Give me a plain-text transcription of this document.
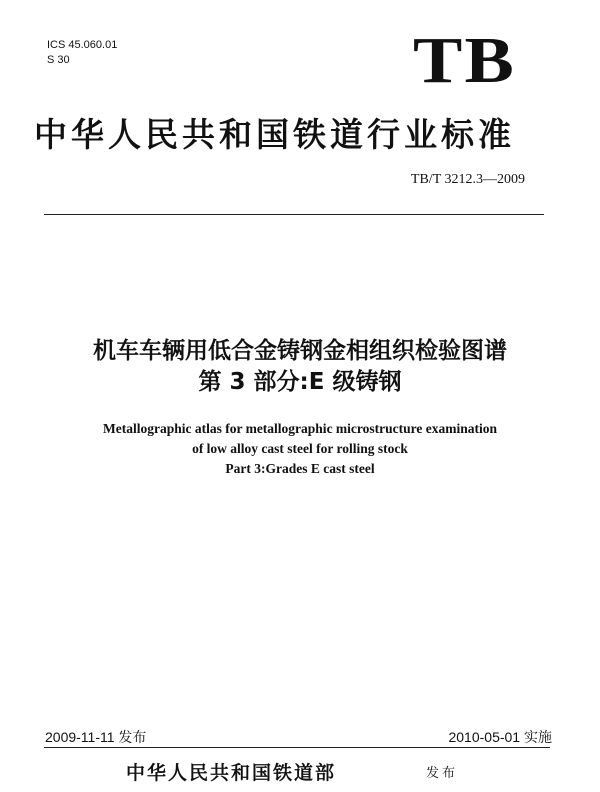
ICS 45.060.01
S 30	TB
中华人民共和国铁道行业标准
TB/T 3212.3—2009
机车车辆用低合金铸钢金相组织检验图谱
第 3 部分:E 级铸钢
Metallographic atlas for metallographic microstructure examination
of low alloy cast steel for rolling stock
Part 3:Grades E cast steel
2009-11-11 发布	2010-05-01 实施
中华人民共和国铁道部	发布
